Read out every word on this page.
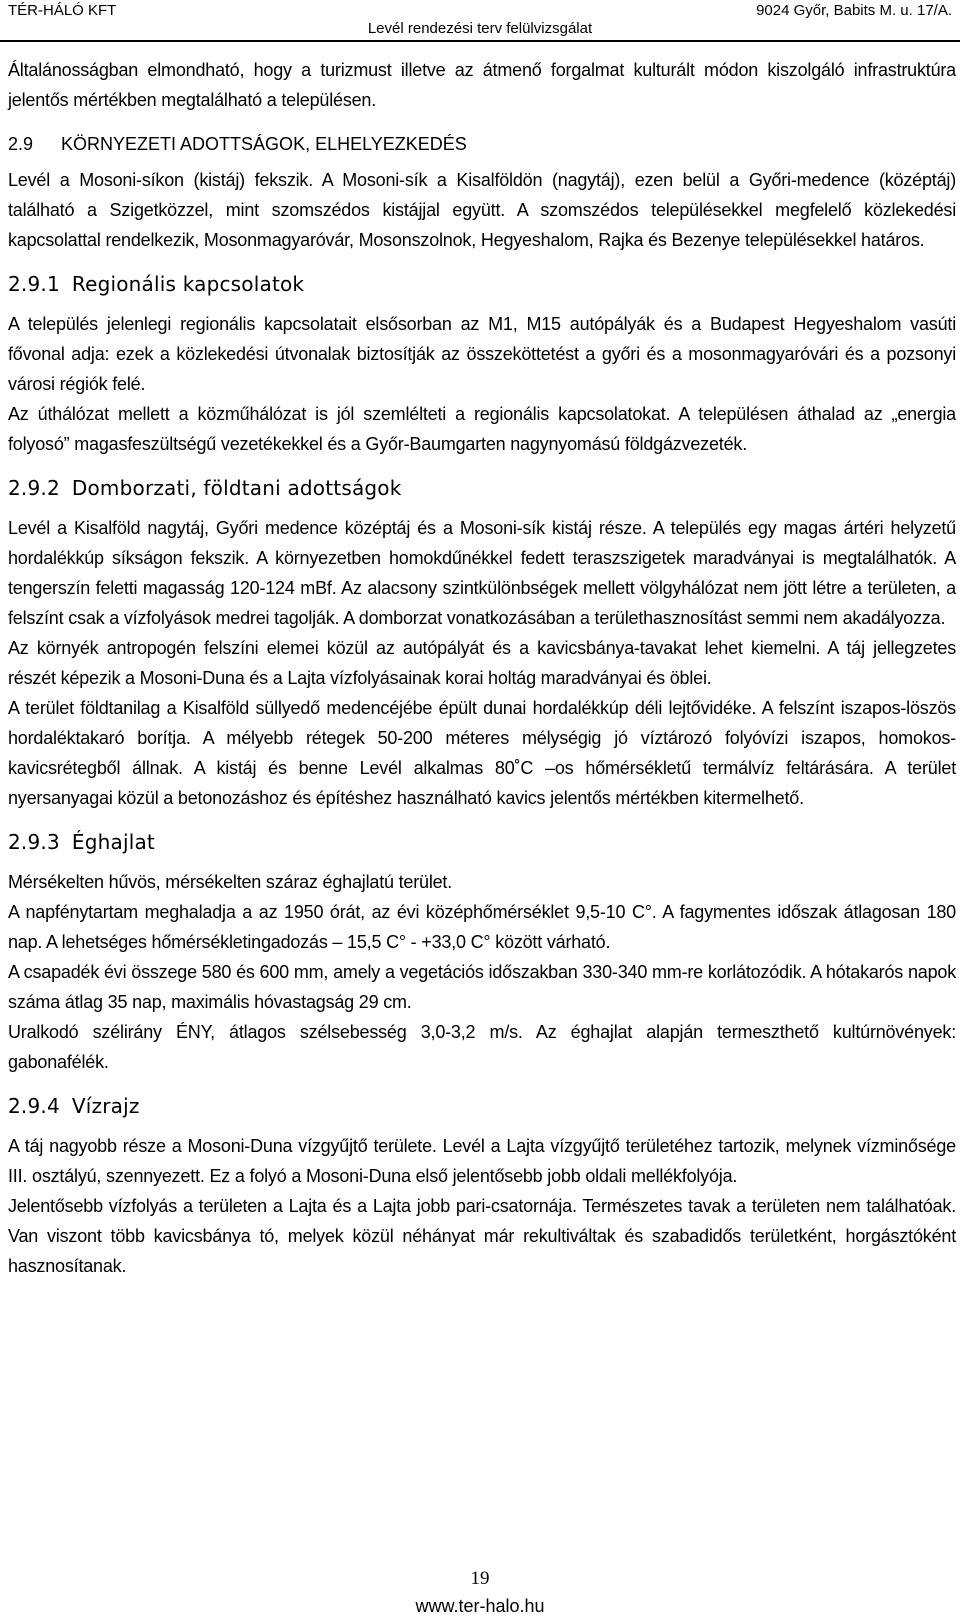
TÉR-HÁLÓ KFT
Levél rendezési terv felülvizsgálat
9024 Győr, Babits M. u. 17/A.

Általánosságban elmondható, hogy a turizmust illetve az átmenő forgalmat kulturált módon kiszolgáló infrastruktúra jelentős mértékben megtalálható a településen.

2.9 KÖRNYEZETI ADOTTSÁGOK, ELHELYEZKEDÉS

Levél a Mosoni-síkon (kistáj) fekszik. A Mosoni-sík a Kisalföldön (nagytáj), ezen belül a Győri-medence (középtáj) található a Szigetközzel, mint szomszédos kistájjal együtt. A szomszédos településekkel megfelelő közlekedési kapcsolattal rendelkezik, Mosonmagyaróvár, Mosonszolnok, Hegyeshalom, Rajka és Bezenye településekkel határos.

2.9.1 Regionális kapcsolatok

A település jelenlegi regionális kapcsolatait elsősorban az M1, M15 autópályák és a Budapest Hegyeshalom vasúti fővonal adja: ezek a közlekedési útvonalak biztosítják az összeköttetést a győri és a mosonmagyaróvári és a pozsonyi városi régiók felé.

Az úthálózat mellett a közműhálózat is jól szemlélteti a regionális kapcsolatokat. A településen áthalad az „energia folyosó” magasfeszültségű vezetékekkel és a Győr-Baumgarten nagynyomású földgázvezeték.

2.9.2 Domborzati, földtani adottságok

Levél a Kisalföld nagytáj, Győri medence középtáj és a Mosoni-sík kistáj része. A település egy magas ártéri helyzetű hordalékkúp síkságon fekszik. A környezetben homokdűnékkel fedett teraszszigetek maradványai is megtalálhatók. A tengerszín feletti magasság 120-124 mBf. Az alacsony szintkülönbségek mellett völgyhálózat nem jött létre a területen, a felszínt csak a vízfolyások medrei tagolják. A domborzat vonatkozásában a területhasznosítást semmi nem akadályozza.

Az környék antropogén felszíni elemei közül az autópályát és a kavicsbánya-tavakat lehet kiemelni. A táj jellegzetes részét képezik a Mosoni-Duna és a Lajta vízfolyásainak korai holtág maradványai és öblei.

A terület földtanilag a Kisalföld süllyedő medencéjébe épült dunai hordalékkúp déli lejtővidéke. A felszínt iszapos-löszös hordaléktakaró borítja. A mélyebb rétegek 50-200 méteres mélységig jó víztározó folyóvízi iszapos, homokos-kavicsrétegből állnak. A kistáj és benne Levél alkalmas 80˚C –os hőmérsékletű termálvíz feltárására. A terület nyersanyagai közül a betonozáshoz és építéshez használható kavics jelentős mértékben kitermelhető.

2.9.3 Éghajlat

Mérsékelten hűvös, mérsékelten száraz éghajlatú terület.

A napfénytartam meghaladja a az 1950 órát, az évi középhőmérséklet 9,5-10 C°. A fagymentes időszak átlagosan 180 nap. A lehetséges hőmérsékletingadozás – 15,5 C° - +33,0 C° között várható.

A csapadék évi összege 580 és 600 mm, amely a vegetációs időszakban 330-340 mm-re korlátozódik. A hótakarós napok száma átlag 35 nap, maximális hóvastagság 29 cm.

Uralkodó szélirány ÉNY, átlagos szélsebesség 3,0-3,2 m/s. Az éghajlat alapján termeszthető kultúrnövények: gabonafélék.

2.9.4 Vízrajz

A táj nagyobb része a Mosoni-Duna vízgyűjtő területe. Levél a Lajta vízgyűjtő területéhez tartozik, melynek vízminősége III. osztályú, szennyezett. Ez a folyó a Mosoni-Duna első jelentősebb jobb oldali mellékfolyója.

Jelentősebb vízfolyás a területen a Lajta és a Lajta jobb pari-csatornája. Természetes tavak a területen nem találhatóak. Van viszont több kavicsbánya tó, melyek közül néhányat már rekultiváltak és szabadidős területként, horgásztóként hasznosítanak.

19
www.ter-halo.hu
